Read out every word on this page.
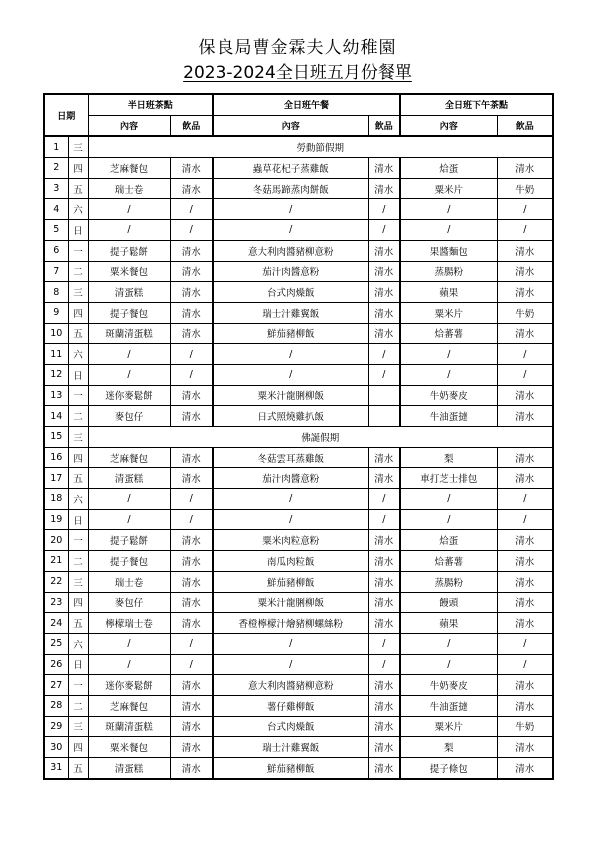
保良局曹金霖夫人幼稚園
2023-2024全日班五月份餐單
日期		半日班茶點		全日班午餐		全日班下午茶點	
		內容	飲品	內容	飲品	內容	飲品
1	三	勞動節假期					
2	四	芝麻餐包	清水	蟲草花杞子蒸雞飯	清水	烚蛋	清水
3	五	瑞士卷	清水	冬菇馬蹄蒸肉餅飯	清水	粟米片	牛奶
4	六	/	/	/	/	/	/
5	日	/	/	/	/	/	/
6	一	提子鬆餅	清水	意大利肉醬豬柳意粉	清水	果醬麵包	清水
7	二	粟米餐包	清水	茄汁肉醬意粉	清水	蒸腸粉	清水
8	三	清蛋糕	清水	台式肉燥飯	清水	蘋果	清水
9	四	提子餐包	清水	瑞士汁雞翼飯	清水	粟米片	牛奶
10	五	斑蘭清蛋糕	清水	鮮茄豬柳飯	清水	烚蕃薯	清水
11	六	/	/	/	/	/	/
12	日	/	/	/	/	/	/
13	一	迷你麥鬆餅	清水	粟米汁龍脷柳飯		牛奶麥皮	清水
14	二	麥包仔	清水	日式照燒雞扒飯		牛油蛋撻	清水
15	三	佛誕假期					
16	四	芝麻餐包	清水	冬菇雲耳蒸雞飯	清水	梨	清水
17	五	清蛋糕	清水	茄汁肉醬意粉	清水	車打芝士排包	清水
18	六	/	/	/	/	/	/
19	日	/	/	/	/	/	/
20	一	提子鬆餅	清水	粟米肉粒意粉	清水	烚蛋	清水
21	二	提子餐包	清水	南瓜肉粒飯	清水	烚蕃薯	清水
22	三	瑞士卷	清水	鮮茄豬柳飯	清水	蒸腸粉	清水
23	四	麥包仔	清水	粟米汁龍脷柳飯	清水	饅頭	清水
24	五	檸檬瑞士卷	清水	香橙檸檬汁燴豬柳螺絲粉	清水	蘋果	清水
25	六	/	/	/	/	/	/
26	日	/	/	/	/	/	/
27	一	迷你麥鬆餅	清水	意大利肉醬豬柳意粉	清水	牛奶麥皮	清水
28	二	芝麻餐包	清水	薯仔雞柳飯	清水	牛油蛋撻	清水
29	三	斑蘭清蛋糕	清水	台式肉燥飯	清水	粟米片	牛奶
30	四	粟米餐包	清水	瑞士汁雞翼飯	清水	梨	清水
31	五	清蛋糕	清水	鮮茄豬柳飯	清水	提子條包	清水
